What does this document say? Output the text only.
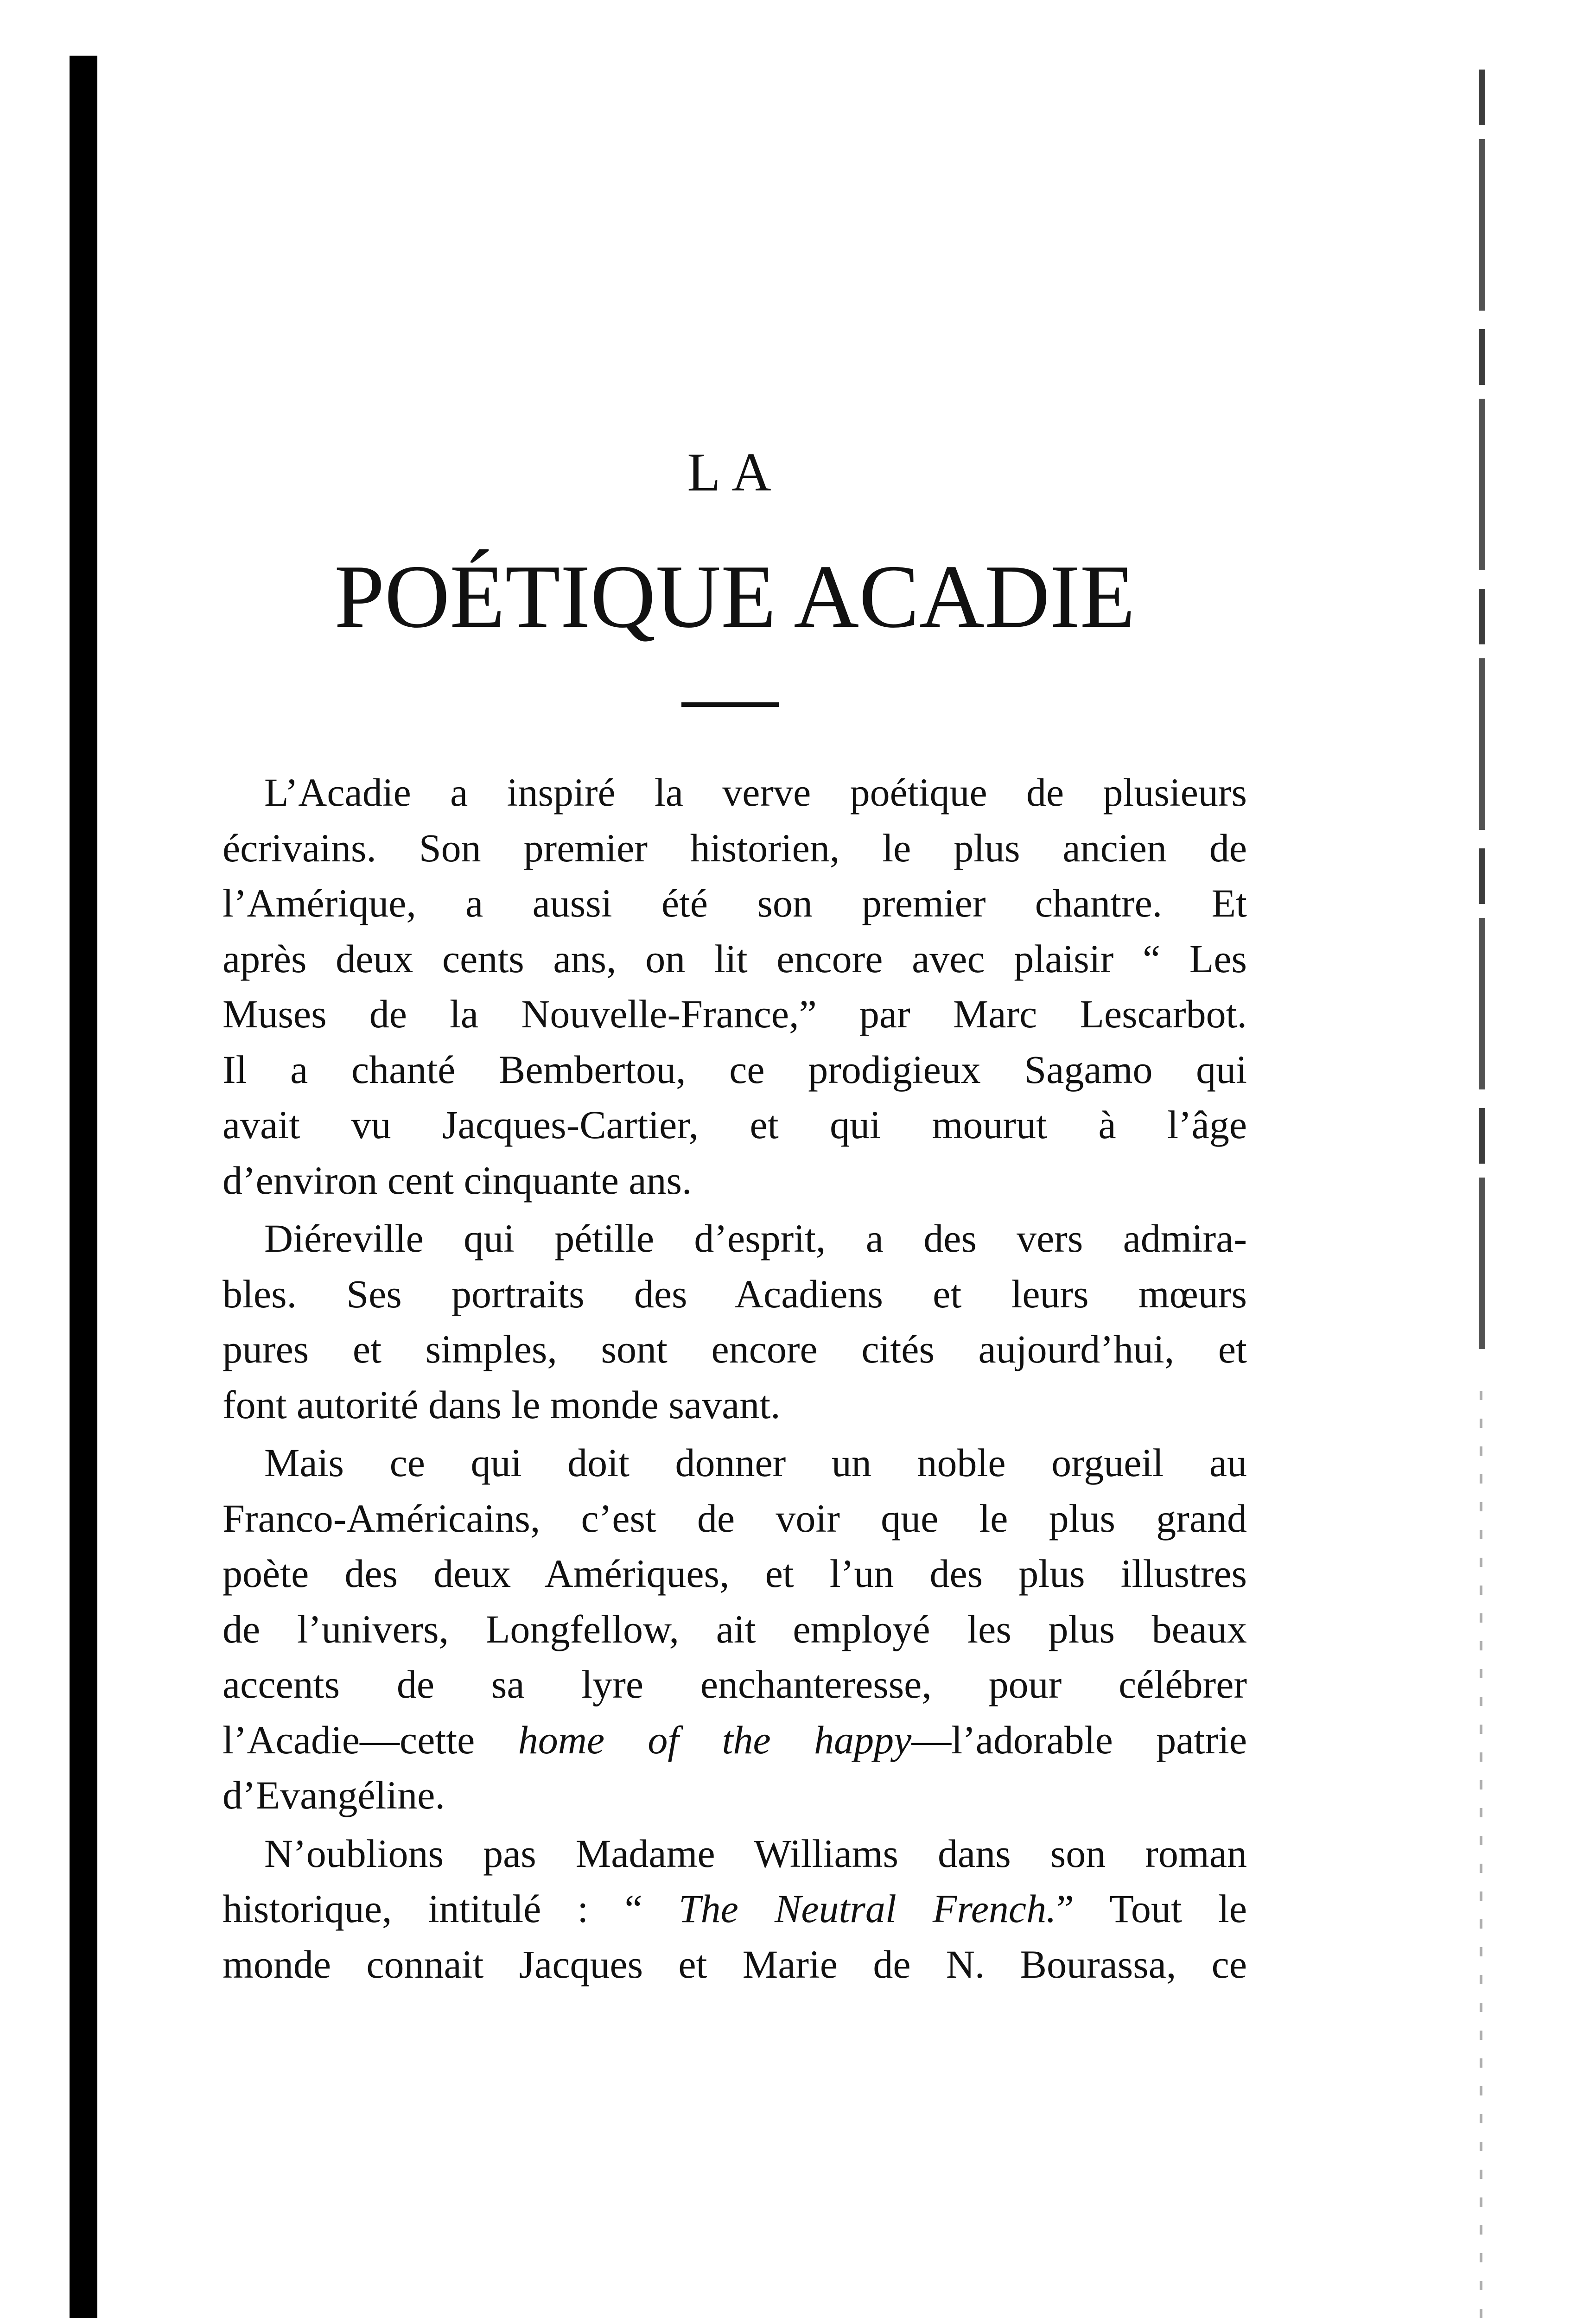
LA
POÉTIQUE ACADIE
L’Acadie a inspiré la verve poétique de plusieurs
écrivains. Son premier historien, le plus ancien de
l’Amérique, a aussi été son premier chantre. Et
après deux cents ans, on lit encore avec plaisir “ Les
Muses de la Nouvelle-France,” par Marc Lescarbot.
Il a chanté Bembertou, ce prodigieux Sagamo qui
avait vu Jacques-Cartier, et qui mourut à l’âge
d’environ cent cinquante ans.
Diéreville qui pétille d’esprit, a des vers admira-
bles. Ses portraits des Acadiens et leurs mœurs
pures et simples, sont encore cités aujourd’hui, et
font autorité dans le monde savant.
Mais ce qui doit donner un noble orgueil au
Franco-Américains, c’est de voir que le plus grand
poète des deux Amériques, et l’un des plus illustres
de l’univers, Longfellow, ait employé les plus beaux
accents de sa lyre enchanteresse, pour célébrer
l’Acadie—cette home of the happy—l’adorable patrie
d’Evangéline.
N’oublions pas Madame Williams dans son roman
historique, intitulé : “ The Neutral French.” Tout le
monde connait Jacques et Marie de N. Bourassa, ce
